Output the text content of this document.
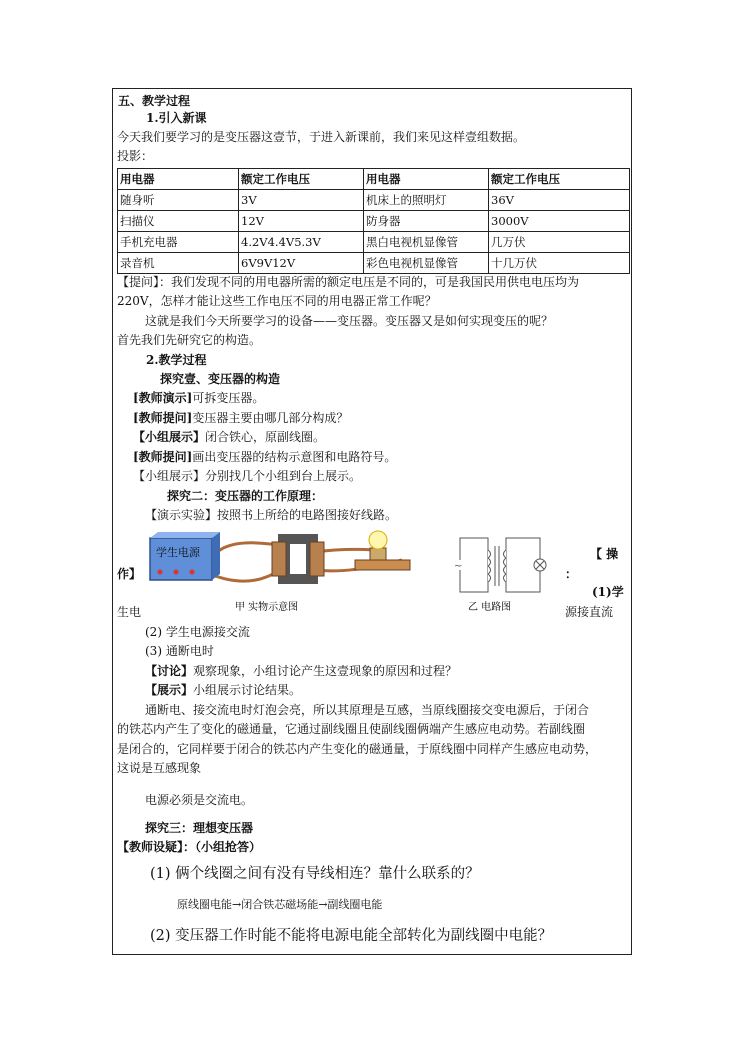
五、教学过程
1.引入新课
今天我们要学习的是变压器这壹节，于进入新课前，我们来见这样壹组数据。
投影：
用电器	额定工作电压	用电器	额定工作电压
随身听	3V	机床上的照明灯	36V
扫描仪	12V	防身器	3000V
手机充电器	4.2V4.4V5.3V	黑白电视机显像管	几万伏
录音机	6V9V12V	彩色电视机显像管	十几万伏
【提问】：我们发现不同的用电器所需的额定电压是不同的，可是我国民用供电电压均为
220V，怎样才能让这些工作电压不同的用电器正常工作呢？
这就是我们今天所要学习的设备——变压器。变压器又是如何实现变压的呢？
首先我们先研究它的构造。
2.教学过程
探究壹、变压器的构造
[教师演示]可拆变压器。
[教师提问]变压器主要由哪几部分构成？
【小组展示】闭合铁心，原副线圈。
[教师提问]画出变压器的结构示意图和电路符号。
【小组展示】分别找几个小组到台上展示。
探究二：变压器的工作原理：
【演示实验】按照书上所给的电路图接好线路。
学生电源
甲 实物示意图
~
乙 电路图
【 操
作】	：
(1)学
源接直流
生电
(2) 学生电源接交流
(3) 通断电时
【讨论】观察现象，小组讨论产生这壹现象的原因和过程？
【展示】小组展示讨论结果。
通断电、接交流电时灯泡会亮，所以其原理是互感，当原线圈接交变电源后，于闭合
的铁芯内产生了变化的磁通量，它通过副线圈且使副线圈俩端产生感应电动势。若副线圈
是闭合的，它同样要于闭合的铁芯内产生变化的磁通量，于原线圈中同样产生感应电动势，
这说是互感现象
电源必须是交流电。
探究三：理想变压器
【教师设疑】：（小组抢答）
(1) 俩个线圈之间有没有导线相连？靠什么联系的？
原线圈电能→闭合铁芯磁场能→副线圈电能
(2) 变压器工作时能不能将电源电能全部转化为副线圈中电能？
